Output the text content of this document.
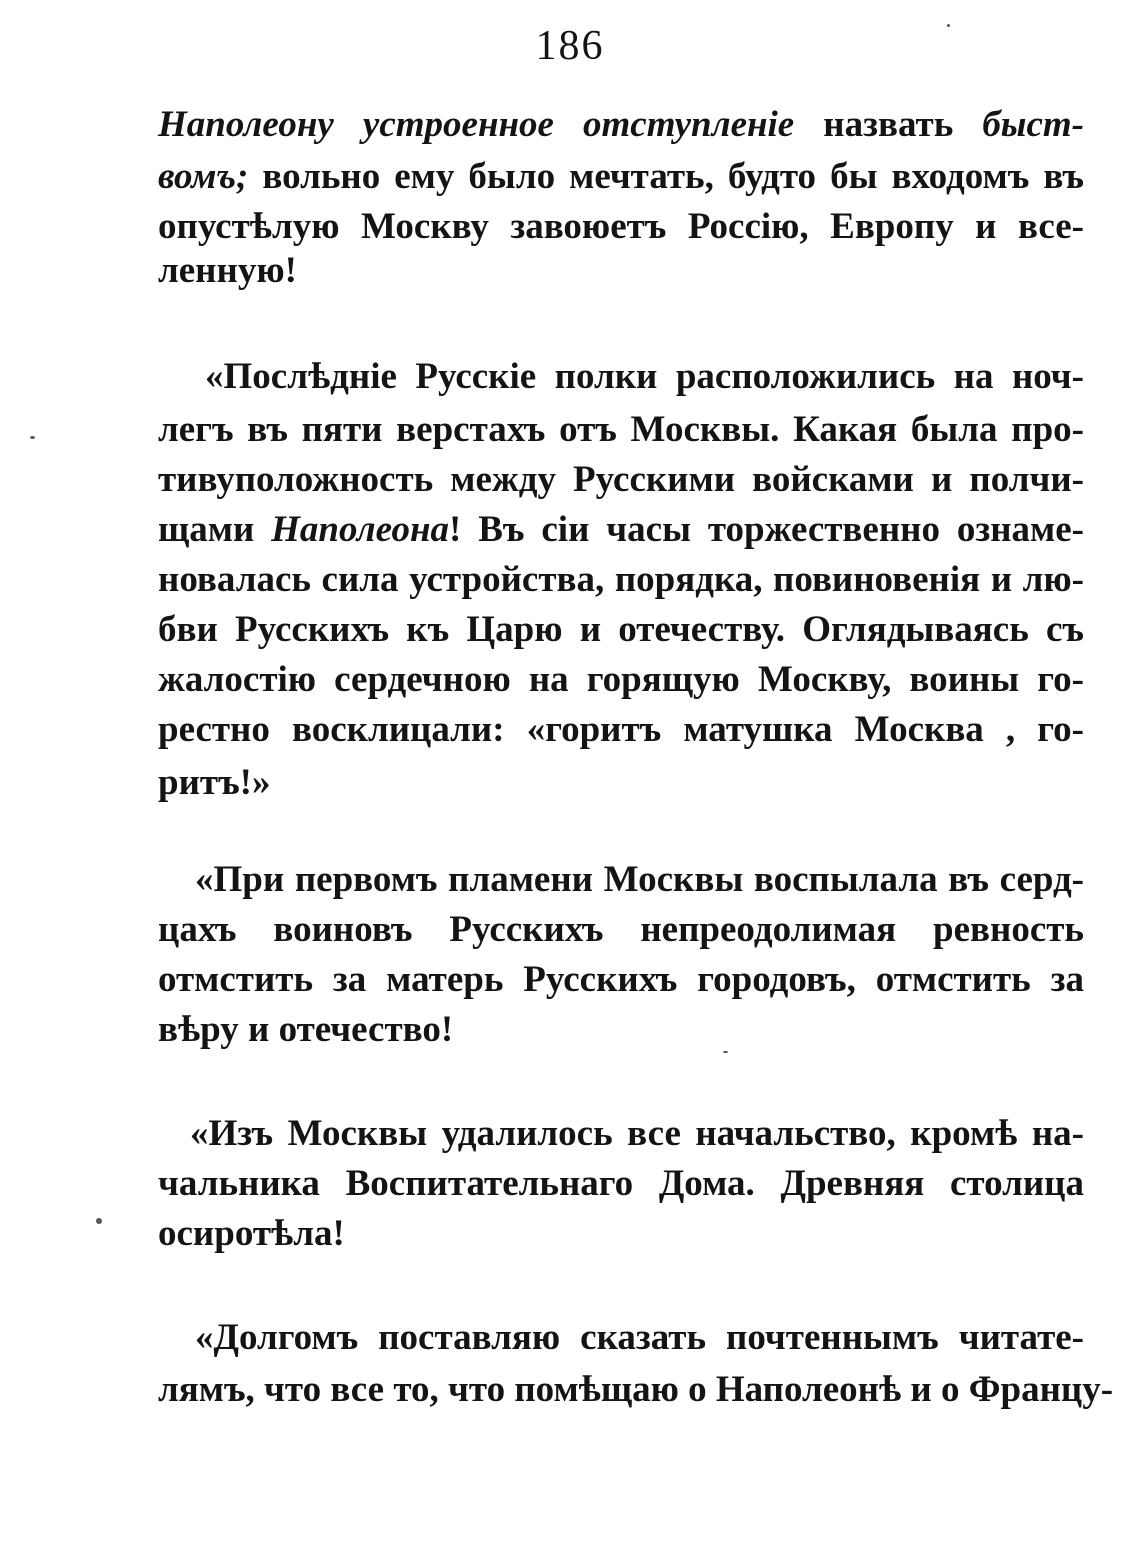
186
Наполеону устроенное отступленіе назвать быст-
вомъ; вольно ему было мечтать, будто бы входомъ въ
опустѣлую Москву завоюетъ Россію, Европу и все-
ленную!
«Послѣдніе Русскіе полки расположились на ноч-
легъ въ пяти верстахъ отъ Москвы. Какая была про-
тивуположность между Русскими войсками и полчи-
щами Наполеона! Въ сіи часы торжественно ознаме-
новалась сила устройства, порядка, повиновенія и лю-
бви Русскихъ къ Царю и отечеству. Оглядываясь съ
жалостію сердечною на горящую Москву, воины го-
рестно восклицали: «горитъ матушка Москва , го-
ритъ!»
«При первомъ пламени Москвы воспылала въ серд-
цахъ воиновъ Русскихъ непреодолимая ревность
отмстить за матерь Русскихъ городовъ, отмстить за
вѣру и отечество!
«Изъ Москвы удалилось все начальство, кромѣ на-
чальника Воспитательнаго Дома. Древняя столица
осиротѣла!
«Долгомъ поставляю сказать почтеннымъ читате-
лямъ, что все то, что помѣщаю о Наполеонѣ и о Францу-
